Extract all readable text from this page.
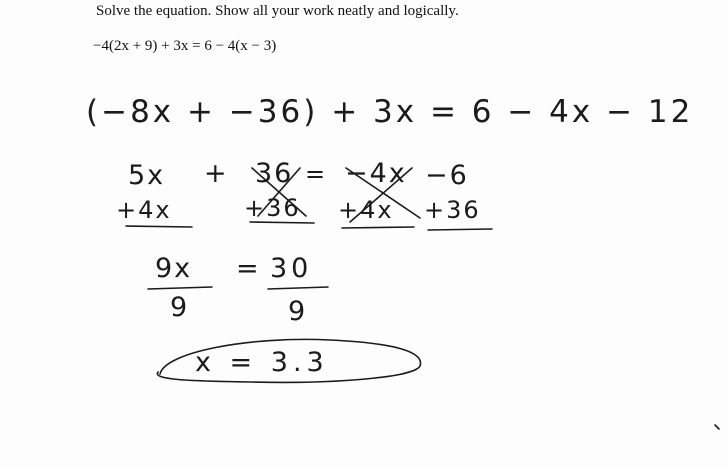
Solve the equation. Show all your work neatly and logically.
−4(2x + 9) + 3x = 6 − 4(x − 3)
(−8x + −36) + 3x = 6 − 4x − 12
5x + 36 = −4x −6
+4x	+36 +4x +36
9x = 30
9	9
x = 3.3
